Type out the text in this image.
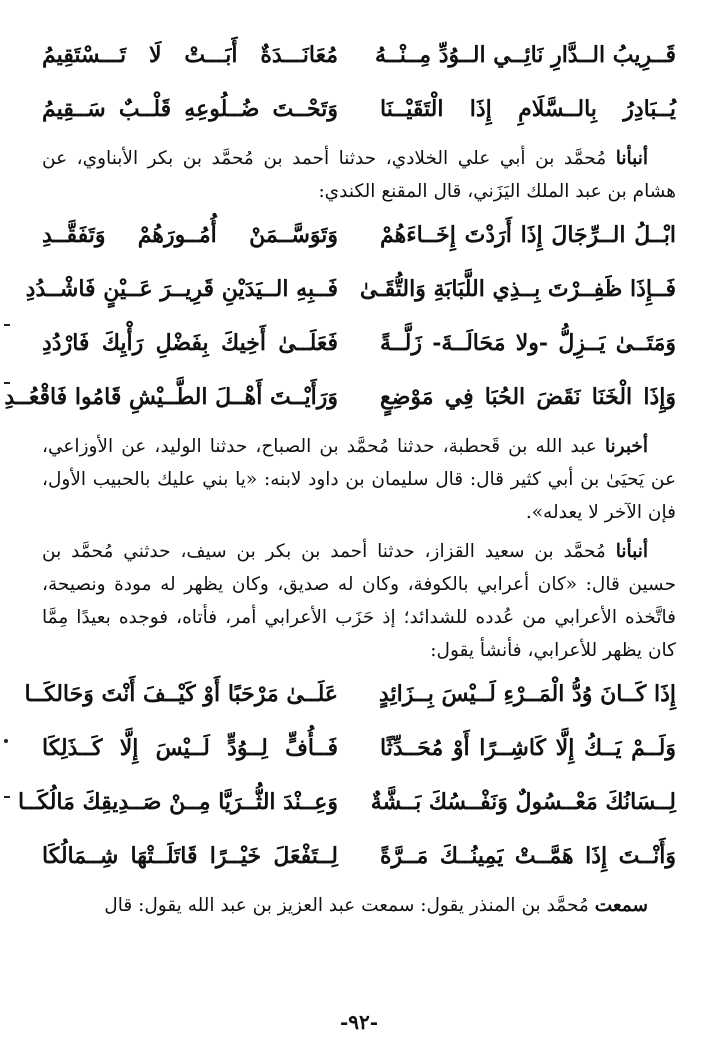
قَــرِيبُ الــدَّارِ نَائِــي الــوُدِّ مِــنْــهُ
مُعَانَـــدَةٌ أَبَـــتْ لَا تَـــسْتَقِيمُ
يُــبَادِرُ بِالــسَّلَامِ إِذَا الْتَقَيْــنَا
وَتَحْــتَ ضُــلُوعِهِ قَلْــبٌ سَــقِيمُ

أنبأنا مُحمَّد بن أبي علي الخلادي، حدثنا أحمد بن مُحمَّد بن بكر الأبناوي، عن هشام بن عبد الملك اليَزَني، قال المقنع الكندي:

ابْــلُ الــرِّجَالَ إِذَا أَرَدْتَ إِخَــاءَهُمْ
وَتَوَسَّــمَنْ أُمُــورَهُمْ وَتَفَقَّــدِ
فَــإِذَا ظَفِــرْتَ بِــذِي اللَّبَابَةِ وَالتُّقَـىٰ
فَــبِهِ الــيَدَيْنِ قَرِيــرَ عَــيْنٍ فَاشْــدُدِ
وَمَتَــىٰ يَــزِلُّ -ولا مَحَالَــةَ- زَلَّــةً
فَعَلَــىٰ أَخِيكَ بِفَضْلِ رَأْيِكَ فَارْدُدِ
وَإِذَا الْخَنَا نَقَضَ الحُبَا فِي مَوْضِعٍ
وَرَأَيْــتَ أَهْــلَ الطَّــيْشِ قَامُوا فَاقْعُــدِ

أخبرنا عبد الله بن قَحطبة، حدثنا مُحمَّد بن الصباح، حدثنا الوليد، عن الأوزاعي، عن يَحيَىٰ بن أبي كثير قال: قال سليمان بن داود لابنه: «يا بني عليك بالحبيب الأول، فإن الآخر لا يعدله».

أنبأنا مُحمَّد بن سعيد القزاز، حدثنا أحمد بن بكر بن سيف، حدثني مُحمَّد بن حسين قال: «كان أعرابي بالكوفة، وكان له صديق، وكان يظهر له مودة ونصيحة، فاتَّخذه الأعرابي من عُدده للشدائد؛ إذ حَزَب الأعرابي أمر، فأتاه، فوجده بعيدًا مِمَّا كان يظهر للأعرابي، فأنشأ يقول:

إِذَا كَــانَ وُدُّ الْمَــرْءِ لَــيْسَ بِــزَائِدٍ
عَلَــىٰ مَرْحَبًا أَوْ كَيْــفَ أَنْتَ وَحَالكَــا
وَلَــمْ يَــكُ إِلَّا كَاشِــرًا أَوْ مُحَــدِّثًا
فَــأُفٍّ لِــوُدٍّ لَــيْسَ إِلَّا كَــذَلِكَا
لِــسَانُكَ مَعْــسُولٌ وَنَفْــسُكَ بَــشَّةٌ
وَعِــنْدَ الثُّــرَيَّا مِــنْ صَــدِيقِكَ مَالُكَــا
وَأَنْــتَ إِذَا هَمَّــتْ يَمِينُــكَ مَــرَّةً
لِــتَفْعَلَ خَيْــرًا قَاتَلَــتْهَا شِــمَالُكَا

سمعت مُحمَّد بن المنذر يقول: سمعت عبد العزيز بن عبد الله يقول: قال

-٩٢-
